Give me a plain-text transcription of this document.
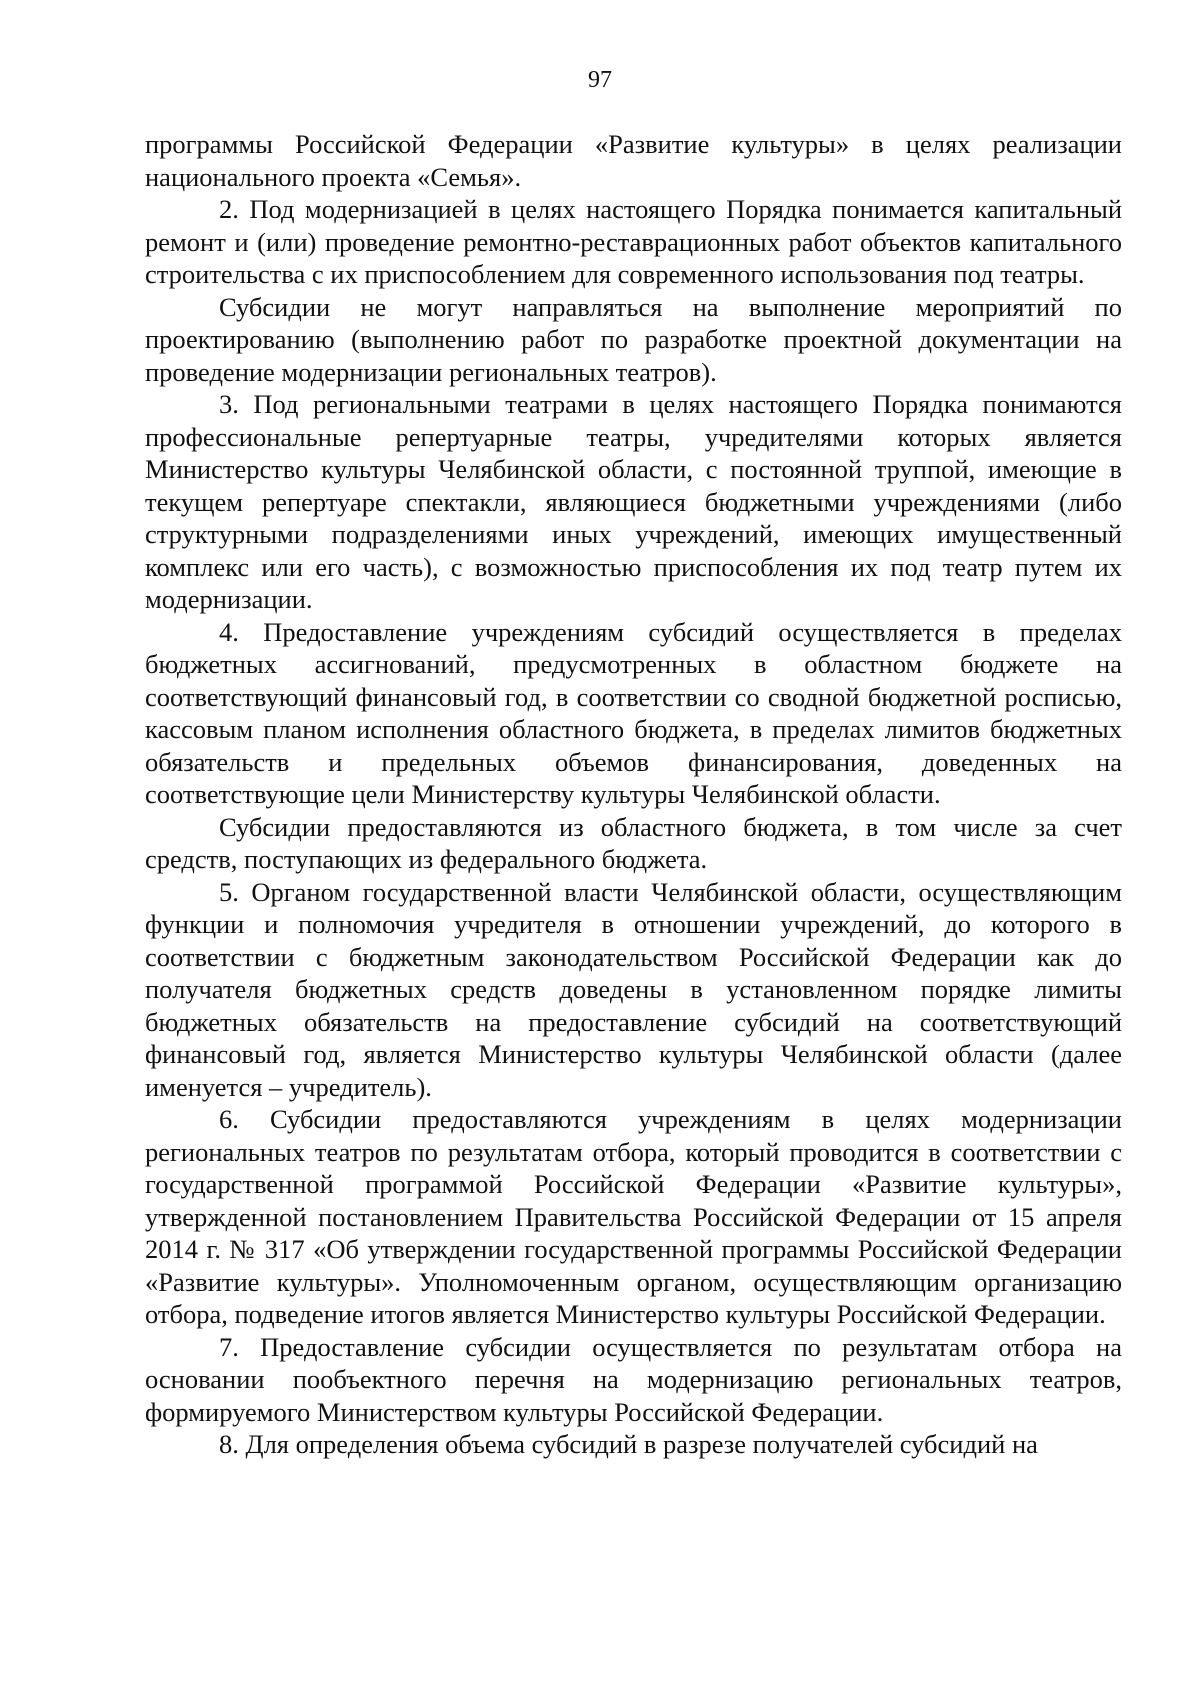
97

программы Российской Федерации «Развитие культуры» в целях реализации национального проекта «Семья».

2. Под модернизацией в целях настоящего Порядка понимается капитальный ремонт и (или) проведение ремонтно-реставрационных работ объектов капитального строительства с их приспособлением для современного использования под театры.

Субсидии не могут направляться на выполнение мероприятий по проектированию (выполнению работ по разработке проектной документации на проведение модернизации региональных театров).

3. Под региональными театрами в целях настоящего Порядка понимаются профессиональные репертуарные театры, учредителями которых является Министерство культуры Челябинской области, с постоянной труппой, имеющие в текущем репертуаре спектакли, являющиеся бюджетными учреждениями (либо структурными подразделениями иных учреждений, имеющих имущественный комплекс или его часть), с возможностью приспособления их под театр путем их модернизации.

4. Предоставление учреждениям субсидий осуществляется в пределах бюджетных ассигнований, предусмотренных в областном бюджете на соответствующий финансовый год, в соответствии со сводной бюджетной росписью, кассовым планом исполнения областного бюджета, в пределах лимитов бюджетных обязательств и предельных объемов финансирования, доведенных на соответствующие цели Министерству культуры Челябинской области.

Субсидии предоставляются из областного бюджета, в том числе за счет средств, поступающих из федерального бюджета.

5. Органом государственной власти Челябинской области, осуществляющим функции и полномочия учредителя в отношении учреждений, до которого в соответствии с бюджетным законодательством Российской Федерации как до получателя бюджетных средств доведены в установленном порядке лимиты бюджетных обязательств на предоставление субсидий на соответствующий финансовый год, является Министерство культуры Челябинской области (далее именуется – учредитель).

6. Субсидии предоставляются учреждениям в целях модернизации региональных театров по результатам отбора, который проводится в соответствии с государственной программой Российской Федерации «Развитие культуры», утвержденной постановлением Правительства Российской Федерации от 15 апреля 2014 г. № 317 «Об утверждении государственной программы Российской Федерации «Развитие культуры». Уполномоченным органом, осуществляющим организацию отбора, подведение итогов является Министерство культуры Российской Федерации.

7. Предоставление субсидии осуществляется по результатам отбора на основании пообъектного перечня на модернизацию региональных театров, формируемого Министерством культуры Российской Федерации.

8. Для определения объема субсидий в разрезе получателей субсидий на
